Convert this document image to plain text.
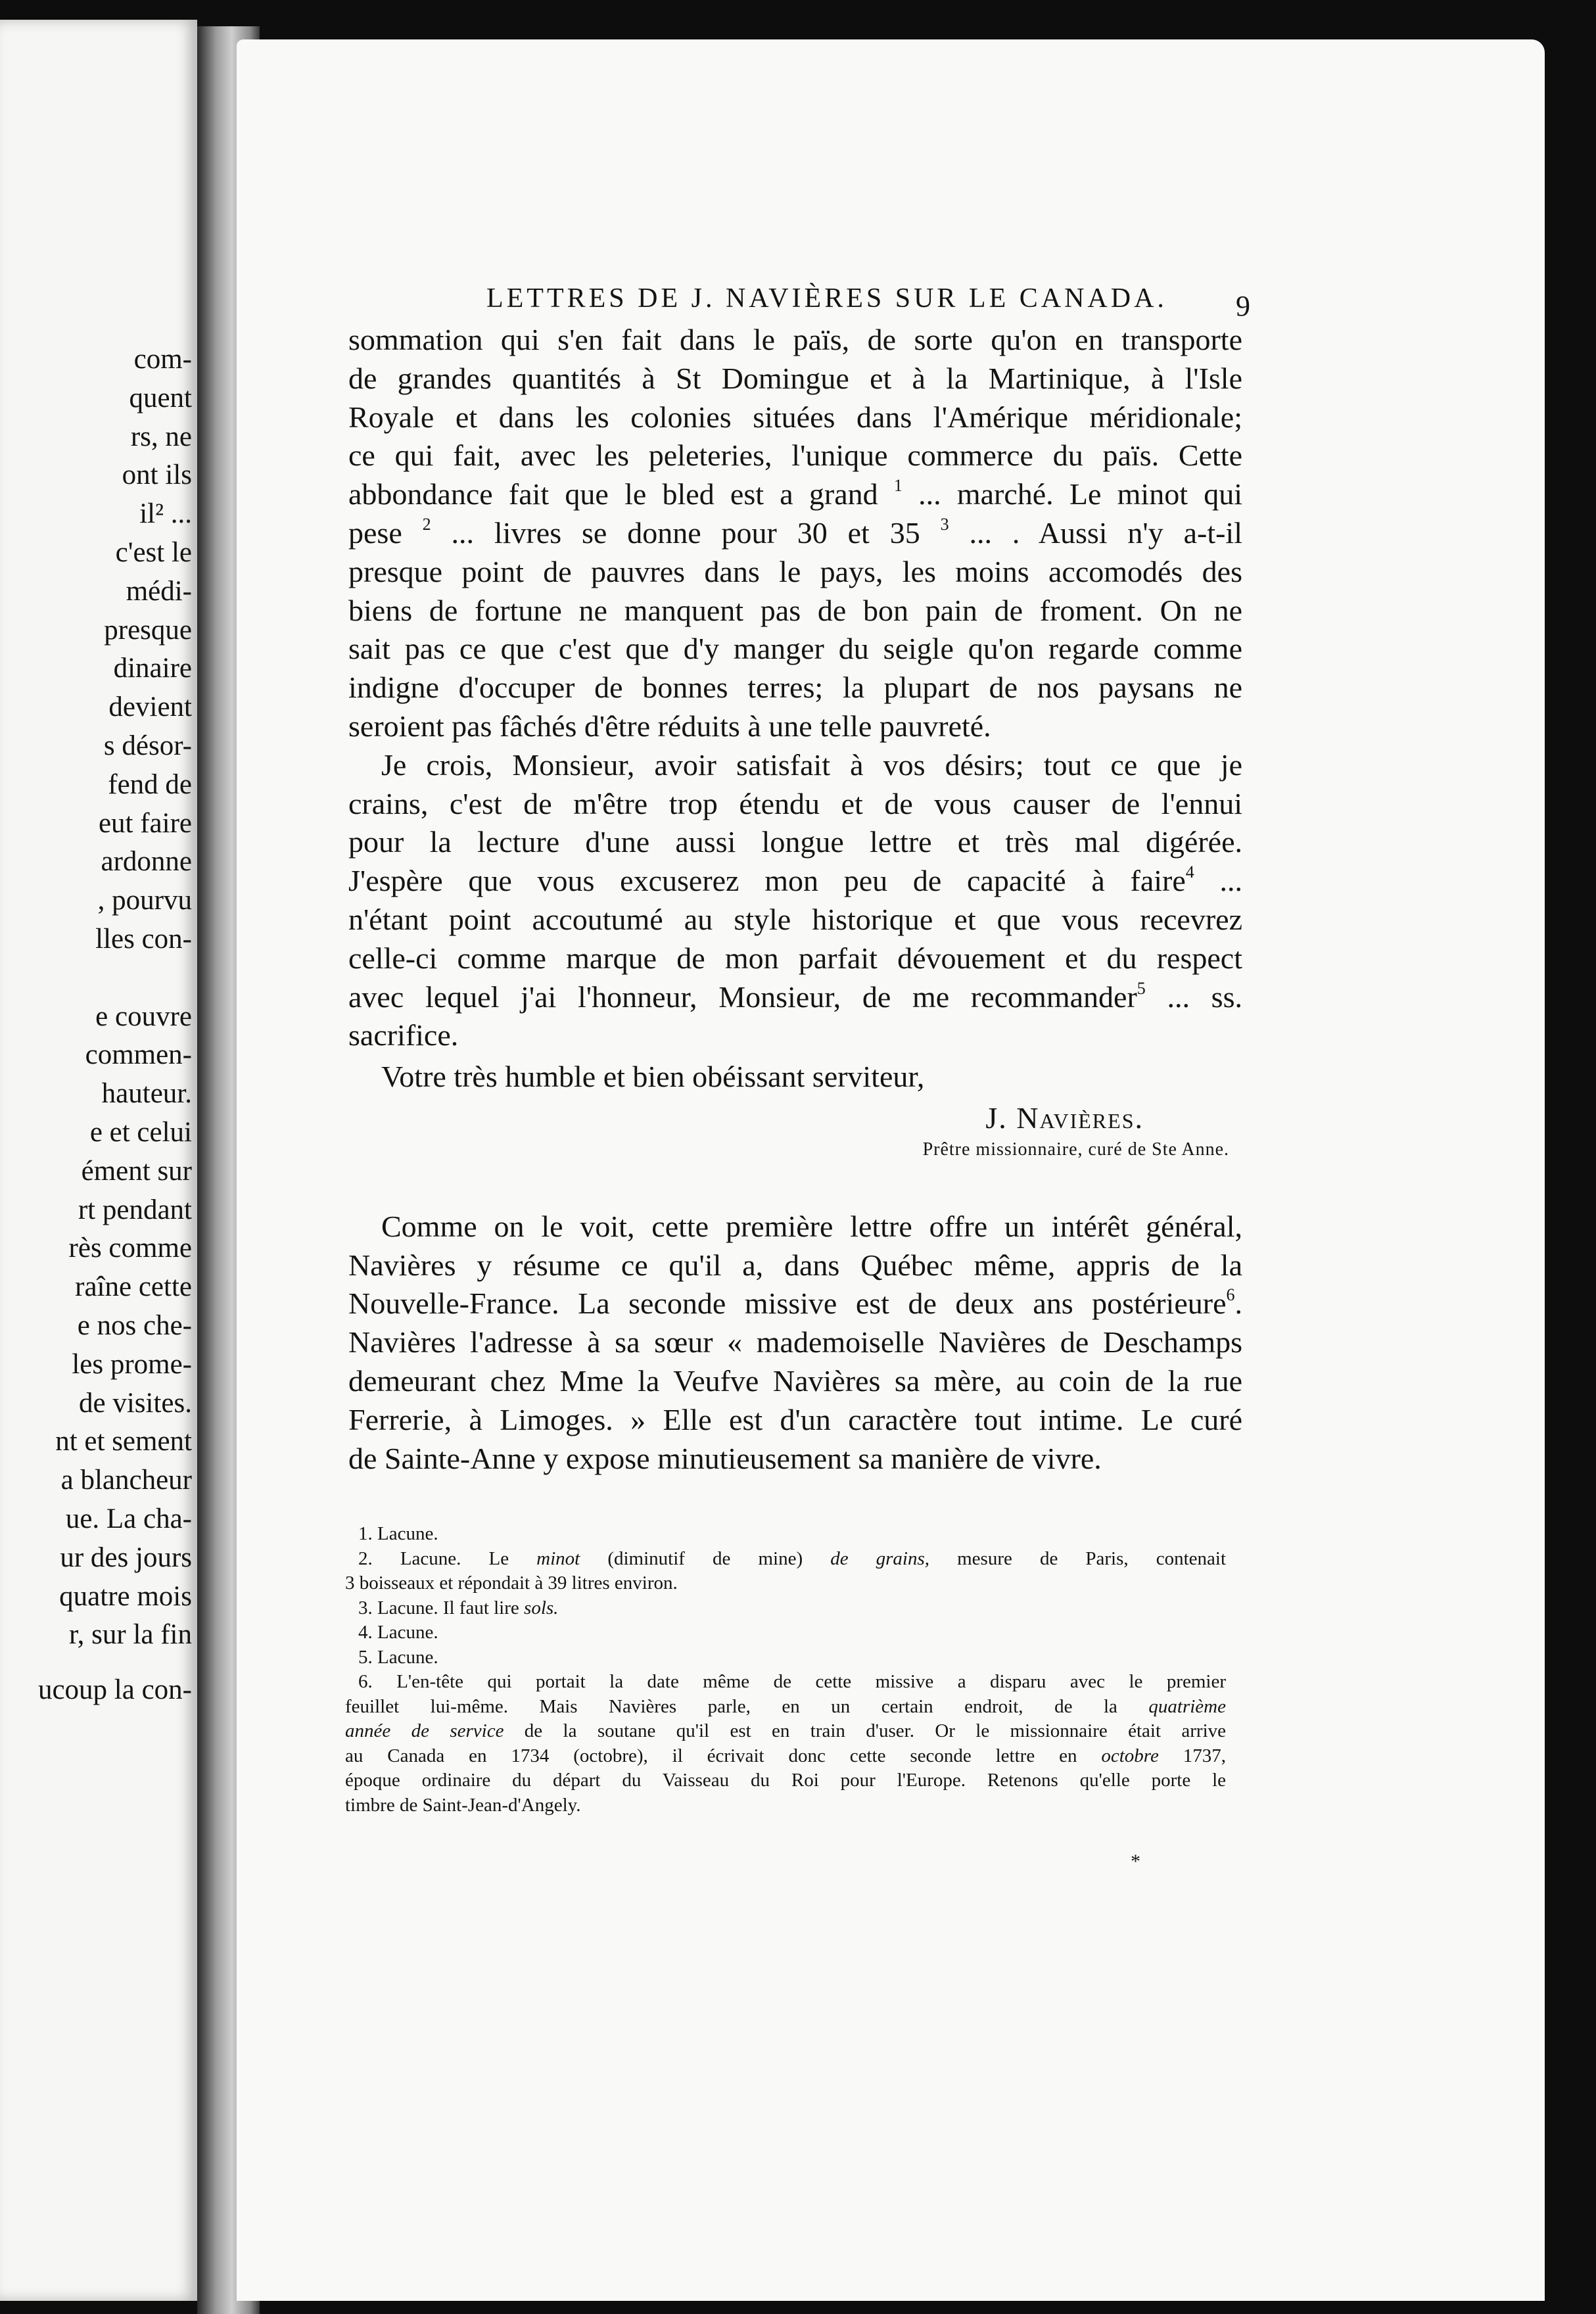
com-
quent
rs, ne
ont ils
il² ...
c'est le
médi-
presque
dinaire
devient
s désor-
fend de
eut faire
ardonne
, pourvu
lles con-
e couvre
commen-
hauteur.
e et celui
ément sur
rt pendant
rès comme
raîne cette
e nos che-
les prome-
de visites.
nt et sement
a blancheur
ue. La cha-
ur des jours
quatre mois
r, sur la fin
ucoup la con-
LETTRES DE J. NAVIÈRES SUR LE CANADA. 9
sommation qui s'en fait dans le païs, de sorte qu'on en transporte
de grandes quantités à St Domingue et à la Martinique, à l'Isle
Royale et dans les colonies situées dans l'Amérique méridionale;
ce qui fait, avec les peleteries, l'unique commerce du païs. Cette
abbondance fait que le bled est a grand $^1$ ... marché. Le minot qui
pese $^2$ ... livres se donne pour 30 et 35 $^3$ ... . Aussi n'y a-t-il
presque point de pauvres dans le pays, les moins accomodés des
biens de fortune ne manquent pas de bon pain de froment. On ne
sait pas ce que c'est que d'y manger du seigle qu'on regarde comme
indigne d'occuper de bonnes terres; la plupart de nos paysans ne
seroient pas fâchés d'être réduits à une telle pauvreté.
Je crois, Monsieur, avoir satisfait à vos désirs; tout ce que je
crains, c'est de m'être trop étendu et de vous causer de l'ennui
pour la lecture d'une aussi longue lettre et très mal digérée.
J'espère que vous excuserez mon peu de capacité à faire$^4$ ...
n'étant point accoutumé au style historique et que vous recevrez
celle-ci comme marque de mon parfait dévouement et du respect
avec lequel j'ai l'honneur, Monsieur, de me recommander$^5$ ... ss.
sacrifice.
Votre très humble et bien obéissant serviteur,
J. Navières.
Prêtre missionnaire, curé de Ste Anne.
Comme on le voit, cette première lettre offre un intérêt général,
Navières y résume ce qu'il a, dans Québec même, appris de la
Nouvelle-France. La seconde missive est de deux ans postérieure$^6$.
Navières l'adresse à sa sœur « mademoiselle Navières de Deschamps
demeurant chez Mme la Veufve Navières sa mère, au coin de la rue
Ferrerie, à Limoges. » Elle est d'un caractère tout intime. Le curé
de Sainte-Anne y expose minutieusement sa manière de vivre.
1. Lacune.
2. Lacune. Le minot (diminutif de mine) de grains, mesure de Paris, contenait
3 boisseaux et répondait à 39 litres environ.
3. Lacune. Il faut lire sols.
4. Lacune.
5. Lacune.
6. L'en-tête qui portait la date même de cette missive a disparu avec le premier
feuillet lui-même. Mais Navières parle, en un certain endroit, de la quatrième
année de service de la soutane qu'il est en train d'user. Or le missionnaire était arrive
au Canada en 1734 (octobre), il écrivait donc cette seconde lettre en octobre 1737,
époque ordinaire du départ du Vaisseau du Roi pour l'Europe. Retenons qu'elle porte le
timbre de Saint-Jean-d'Angely.
*
